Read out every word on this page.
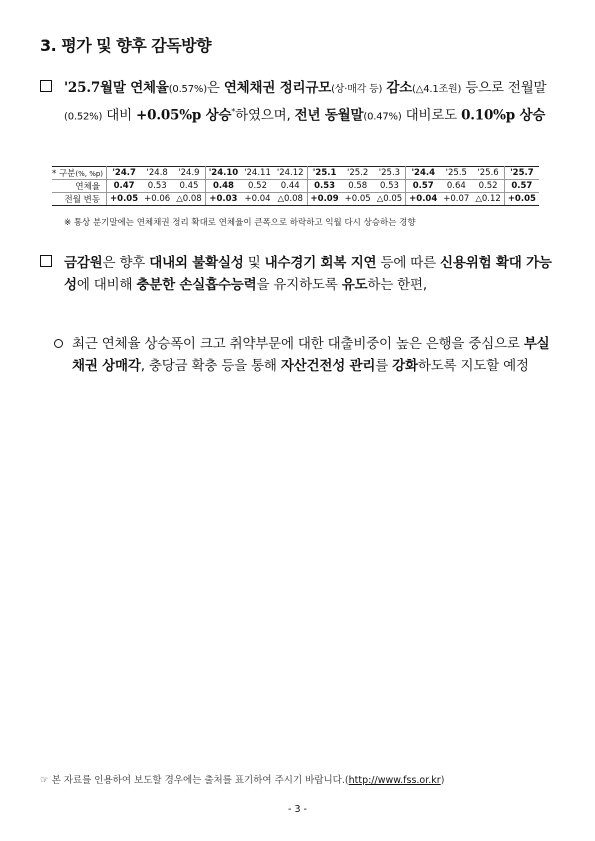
3. 평가 및 향후 감독방향
'25.7월말 연체율(0.57%)은 연체채권 정리규모(상·매각 등) 감소(△4.1조원) 등으로 전월말(0.52%) 대비 +0.05%p 상승*하였으며, 전년 동월말(0.47%) 대비로도 0.10%p 상승
* 구분(%, %p)	'24.7	'24.8	'24.9	'24.10	'24.11	'24.12	'25.1	'25.2	'25.3	'24.4	'25.5	'25.6	'25.7
연체율	0.47	0.53	0.45	0.48	0.52	0.44	0.53	0.58	0.53	0.57	0.64	0.52	0.57
전월 변동	+0.05	+0.06	△0.08	+0.03	+0.04	△0.08	+0.09	+0.05	△0.05	+0.04	+0.07	△0.12	+0.05
※ 통상 분기말에는 연체채권 정리 확대로 연체율이 큰폭으로 하락하고 익월 다시 상승하는 경향
금감원은 향후 대내외 불확실성 및 내수경기 회복 지연 등에 따른 신용위험 확대 가능성에 대비해 충분한 손실흡수능력을 유지하도록 유도하는 한편,
최근 연체율 상승폭이 크고 취약부문에 대한 대출비중이 높은 은행을 중심으로 부실채권 상매각, 충당금 확충 등을 통해 자산건전성 관리를 강화하도록 지도할 예정
☞ 본 자료를 인용하여 보도할 경우에는 출처를 표기하여 주시기 바랍니다.(http://www.fss.or.kr)
- 3 -
